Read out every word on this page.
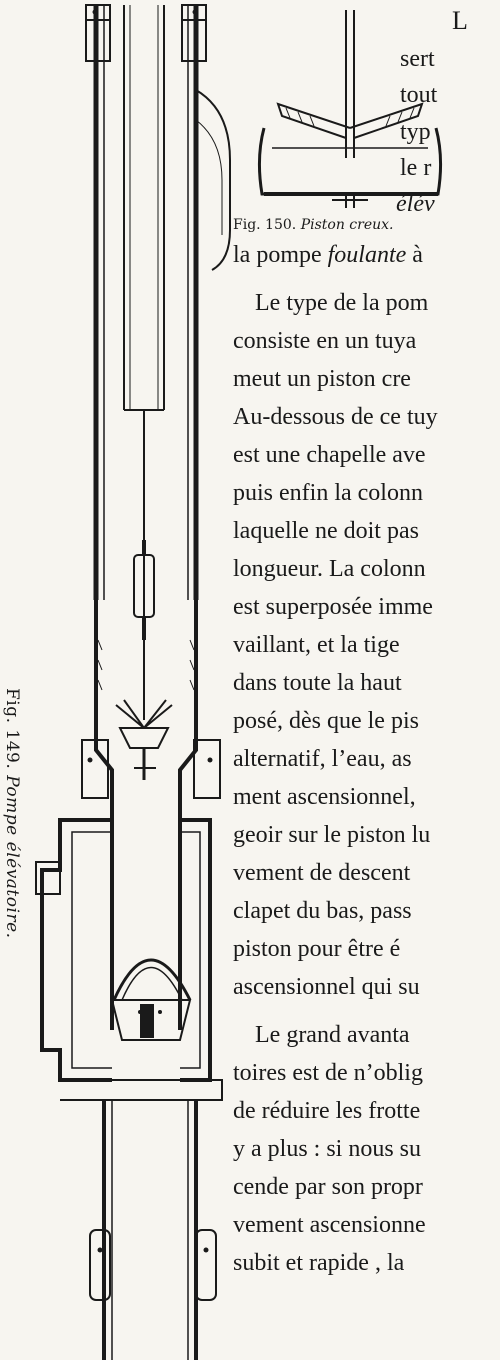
Fig. 149. Pompe élévatoire.
Fig. 150. Piston creux.
L
sert
tout
typ
le r
élév
la pompe foulante à
Le type de la pom
consiste en un tuya
meut un piston cre
Au-dessous de ce tuy
est une chapelle ave
puis enfin la colonn
laquelle ne doit pas
longueur. La colonn
est superposée imme
vaillant, et la tige
dans toute la haut
posé, dès que le pis
alternatif, l’eau, as
ment ascensionnel,
geoir sur le piston lu
vement de descent
clapet du bas, pass
piston pour être é
ascensionnel qui su
Le grand avanta
toires est de n’oblig
de réduire les frotte
y a plus : si nous su
cende par son propr
vement ascensionne
subit et rapide , la
